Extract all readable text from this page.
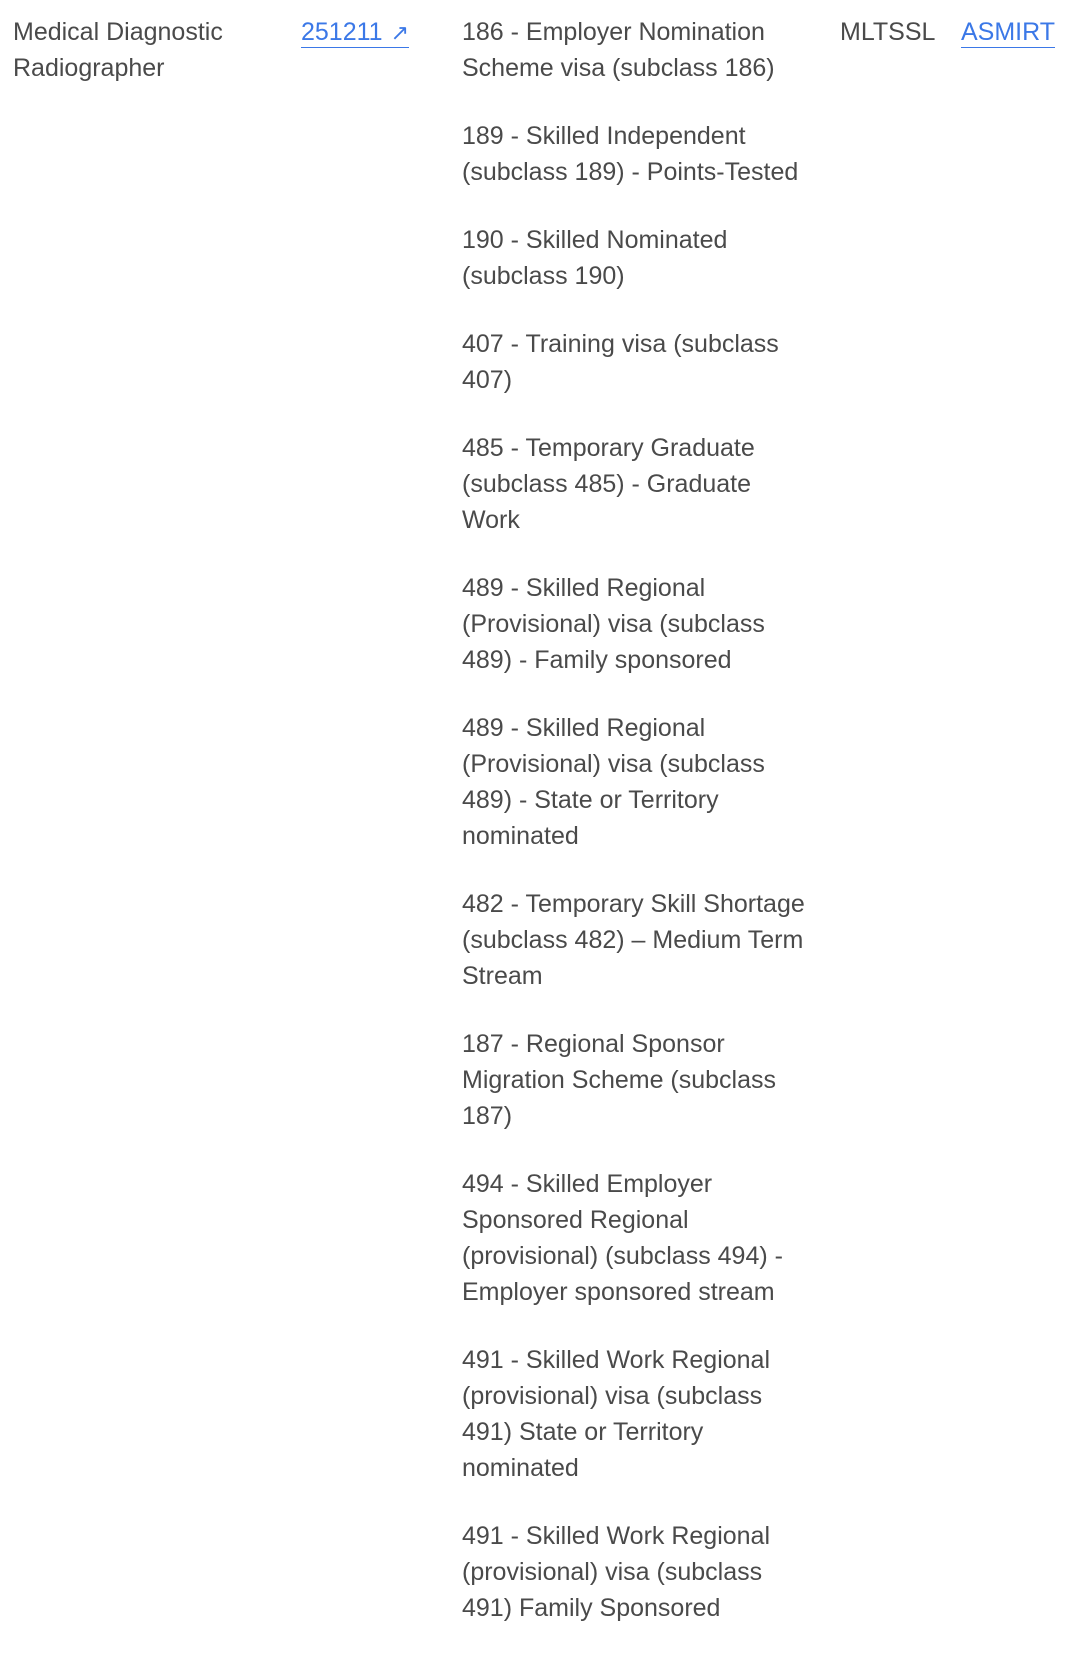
Medical Diagnostic Radiographer
251211 ↗	186 - Employer Nomination Scheme visa (subclass 186)
189 - Skilled Independent (subclass 189) - Points-Tested
190 - Skilled Nominated (subclass 190)
407 - Training visa (subclass 407)
485 - Temporary Graduate (subclass 485) - Graduate Work
489 - Skilled Regional (Provisional) visa (subclass 489) - Family sponsored
489 - Skilled Regional (Provisional) visa (subclass 489) - State or Territory nominated
482 - Temporary Skill Shortage (subclass 482) – Medium Term Stream
187 - Regional Sponsor Migration Scheme (subclass 187)
494 - Skilled Employer Sponsored Regional (provisional) (subclass 494) - Employer sponsored stream
491 - Skilled Work Regional (provisional) visa (subclass 491) State or Territory nominated
491 - Skilled Work Regional (provisional) visa (subclass 491) Family Sponsored
MLTSSL	ASMIRT
